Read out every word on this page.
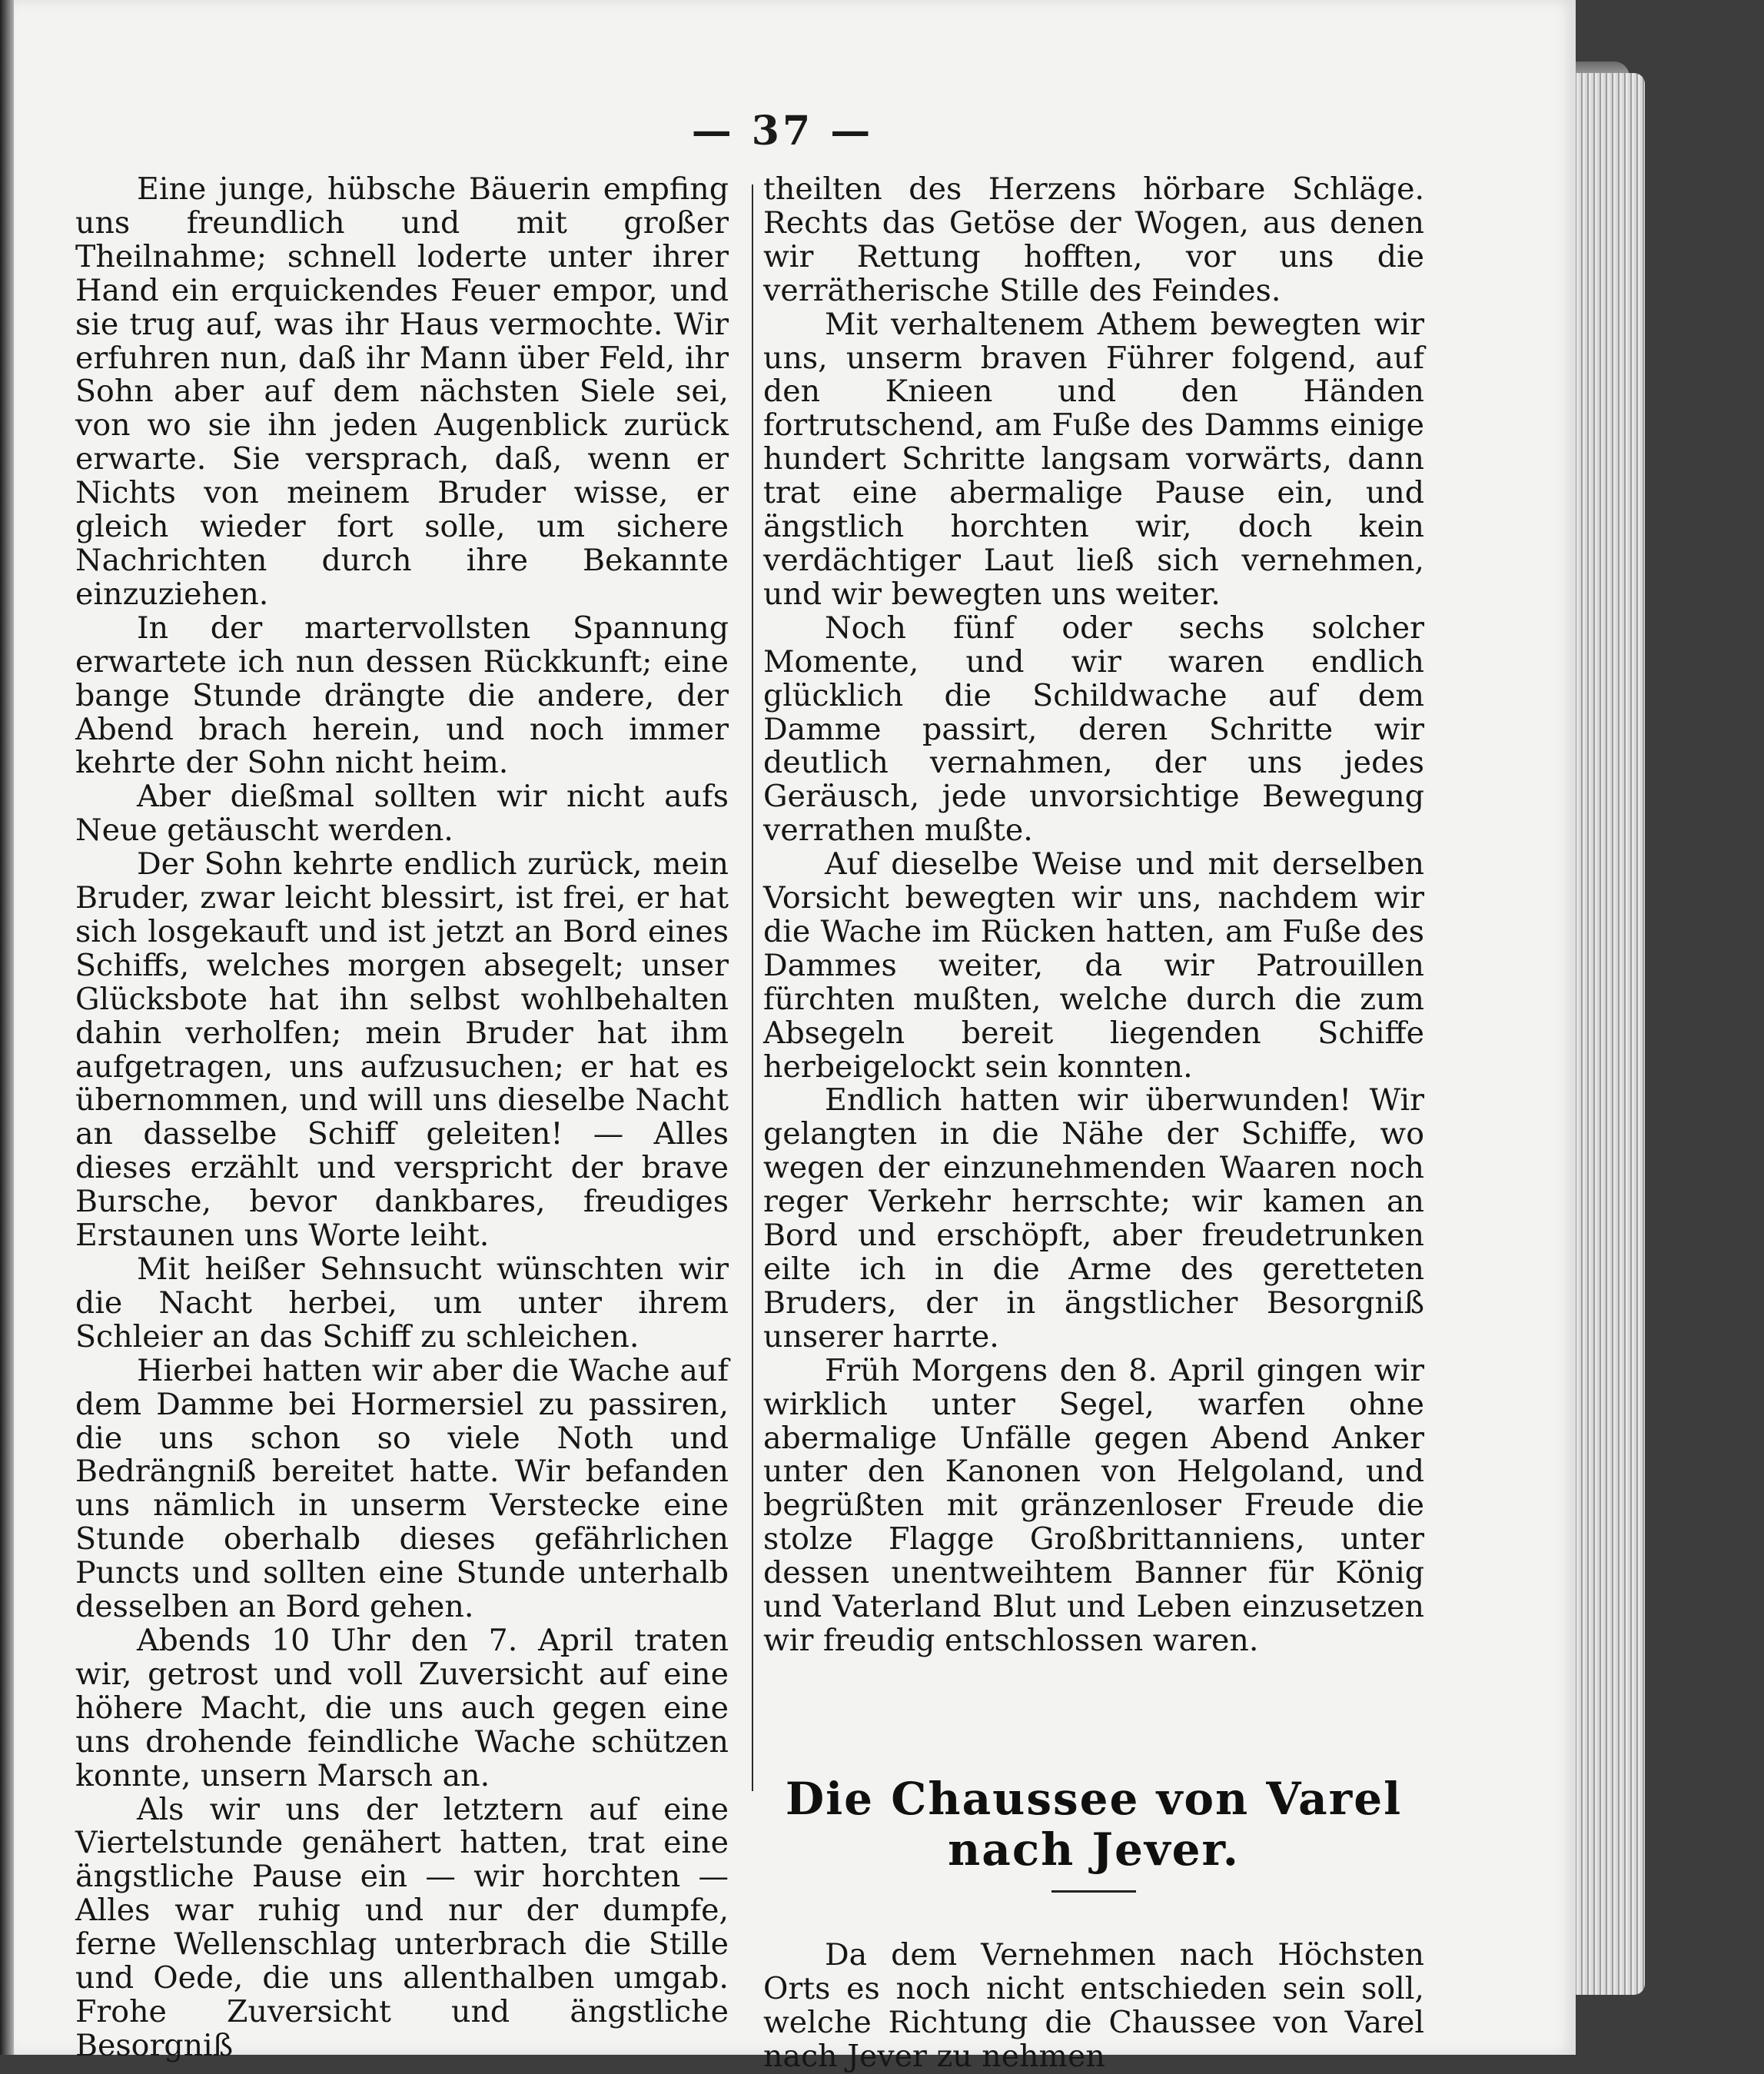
— 37 —

Eine junge, hübsche Bäuerin empfing uns freundlich und mit großer Theilnahme; schnell loderte unter ihrer Hand ein erquickendes Feuer empor, und sie trug auf, was ihr Haus vermochte. Wir erfuhren nun, daß ihr Mann über Feld, ihr Sohn aber auf dem nächsten Siele sei, von wo sie ihn jeden Augenblick zurück erwarte. Sie versprach, daß, wenn er Nichts von meinem Bruder wisse, er gleich wieder fort solle, um sichere Nachrichten durch ihre Bekannte einzuziehen.

In der martervollsten Spannung erwartete ich nun dessen Rückkunft; eine bange Stunde drängte die andere, der Abend brach herein, und noch immer kehrte der Sohn nicht heim.

Aber dießmal sollten wir nicht aufs Neue getäuscht werden.

Der Sohn kehrte endlich zurück, mein Bruder, zwar leicht blessirt, ist frei, er hat sich losgekauft und ist jetzt an Bord eines Schiffs, welches morgen absegelt; unser Glücksbote hat ihn selbst wohlbehalten dahin verholfen; mein Bruder hat ihm aufgetragen, uns aufzusuchen; er hat es übernommen, und will uns dieselbe Nacht an dasselbe Schiff geleiten! — Alles dieses erzählt und verspricht der brave Bursche, bevor dankbares, freudiges Erstaunen uns Worte leiht.

Mit heißer Sehnsucht wünschten wir die Nacht herbei, um unter ihrem Schleier an das Schiff zu schleichen.

Hierbei hatten wir aber die Wache auf dem Damme bei Hormersiel zu passiren, die uns schon so viele Noth und Bedrängniß bereitet hatte. Wir befanden uns nämlich in unserm Verstecke eine Stunde oberhalb dieses gefährlichen Puncts und sollten eine Stunde unterhalb desselben an Bord gehen.

Abends 10 Uhr den 7. April traten wir, getrost und voll Zuversicht auf eine höhere Macht, die uns auch gegen eine uns drohende feindliche Wache schützen konnte, unsern Marsch an.

Als wir uns der letztern auf eine Viertelstunde genähert hatten, trat eine ängstliche Pause ein — wir horchten — Alles war ruhig und nur der dumpfe, ferne Wellenschlag unterbrach die Stille und Oede, die uns allenthalben umgab. Frohe Zuversicht und ängstliche Besorgniß

theilten des Herzens hörbare Schläge. Rechts das Getöse der Wogen, aus denen wir Rettung hofften, vor uns die verrätherische Stille des Feindes.

Mit verhaltenem Athem bewegten wir uns, unserm braven Führer folgend, auf den Knieen und den Händen fortrutschend, am Fuße des Damms einige hundert Schritte langsam vorwärts, dann trat eine abermalige Pause ein, und ängstlich horchten wir, doch kein verdächtiger Laut ließ sich vernehmen, und wir bewegten uns weiter.

Noch fünf oder sechs solcher Momente, und wir waren endlich glücklich die Schildwache auf dem Damme passirt, deren Schritte wir deutlich vernahmen, der uns jedes Geräusch, jede unvorsichtige Bewegung verrathen mußte.

Auf dieselbe Weise und mit derselben Vorsicht bewegten wir uns, nachdem wir die Wache im Rücken hatten, am Fuße des Dammes weiter, da wir Patrouillen fürchten mußten, welche durch die zum Absegeln bereit liegenden Schiffe herbeigelockt sein konnten.

Endlich hatten wir überwunden! Wir gelangten in die Nähe der Schiffe, wo wegen der einzunehmenden Waaren noch reger Verkehr herrschte; wir kamen an Bord und erschöpft, aber freudetrunken eilte ich in die Arme des geretteten Bruders, der in ängstlicher Besorgniß unserer harrte.

Früh Morgens den 8. April gingen wir wirklich unter Segel, warfen ohne abermalige Unfälle gegen Abend Anker unter den Kanonen von Helgoland, und begrüßten mit gränzenloser Freude die stolze Flagge Großbrittanniens, unter dessen unentweihtem Banner für König und Vaterland Blut und Leben einzusetzen wir freudig entschlossen waren.

Die Chaussee von Varel nach Jever.

Da dem Vernehmen nach Höchsten Orts es noch nicht entschieden sein soll, welche Richtung die Chaussee von Varel nach Jever zu nehmen
